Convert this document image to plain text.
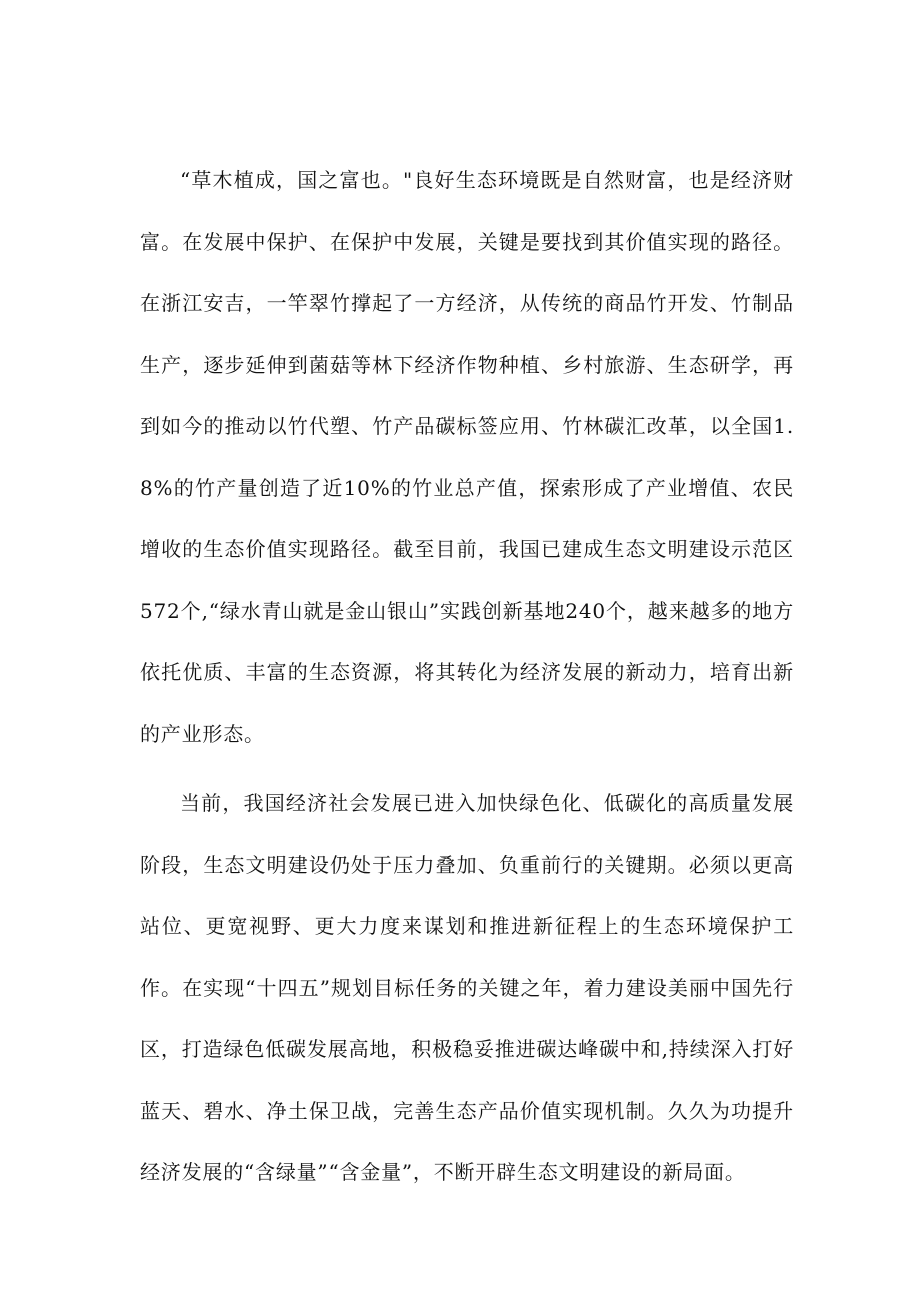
“草木植成，国之富也。"良好生态环境既是自然财富，也是经济财富。在发展中保护、在保护中发展，关键是要找到其价值实现的路径。在浙江安吉，一竿翠竹撑起了一方经济，从传统的商品竹开发、竹制品生产，逐步延伸到菌菇等林下经济作物种植、乡村旅游、生态研学，再到如今的推动以竹代塑、竹产品碳标签应用、竹林碳汇改革，以全国1.8%的竹产量创造了近10%的竹业总产值，探索形成了产业增值、农民增收的生态价值实现路径。截至目前，我国已建成生态文明建设示范区572个,“绿水青山就是金山银山”实践创新基地240个，越来越多的地方依托优质、丰富的生态资源，将其转化为经济发展的新动力，培育出新的产业形态。

当前，我国经济社会发展已进入加快绿色化、低碳化的高质量发展阶段，生态文明建设仍处于压力叠加、负重前行的关键期。必须以更高站位、更宽视野、更大力度来谋划和推进新征程上的生态环境保护工作。在实现“十四五”规划目标任务的关键之年，着力建设美丽中国先行区，打造绿色低碳发展高地，积极稳妥推进碳达峰碳中和,持续深入打好蓝天、碧水、净土保卫战，完善生态产品价值实现机制。久久为功提升经济发展的“含绿量”“含金量”，不断开辟生态文明建设的新局面。
